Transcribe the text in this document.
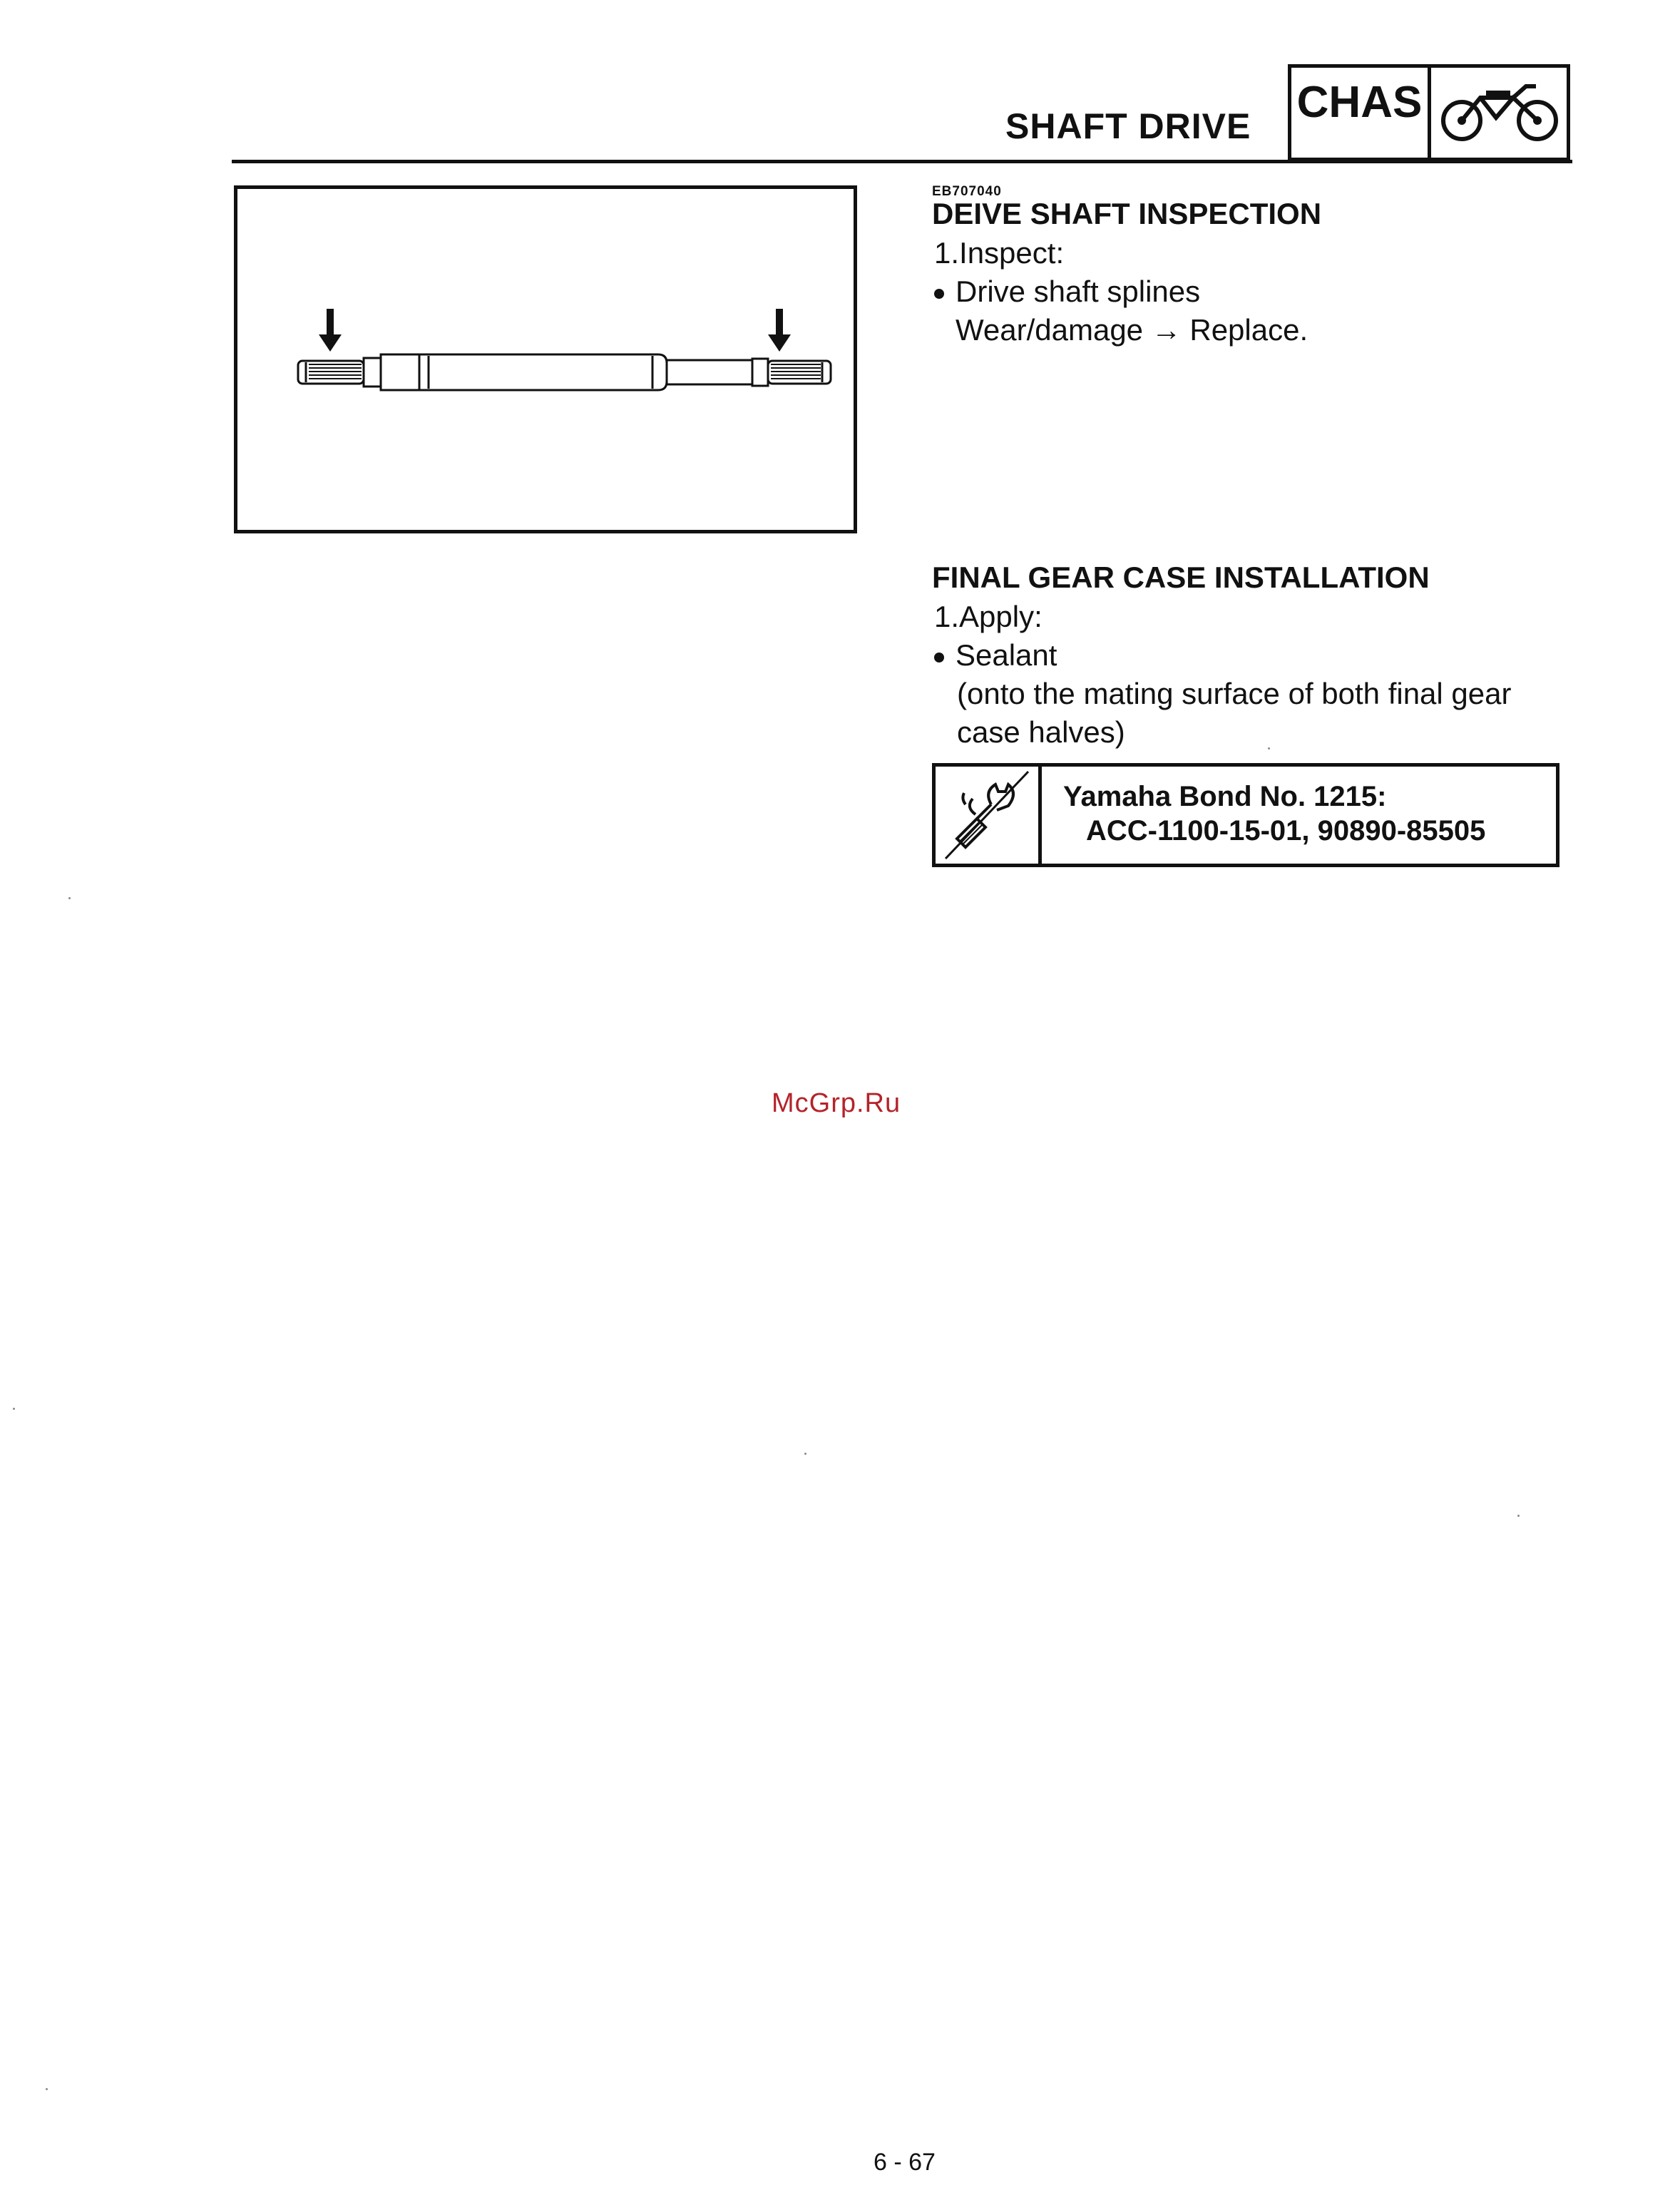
SHAFT DRIVE CHAS
EB707040
DEIVE SHAFT INSPECTION
1.Inspect:
Drive shaft splines
Wear/damage → Replace.
FINAL GEAR CASE INSTALLATION
1.Apply:
Sealant
(onto the mating surface of both final gear
case halves)
Yamaha Bond No. 1215:
ACC-1100-15-01, 90890-85505
McGrp.Ru
6 - 67
